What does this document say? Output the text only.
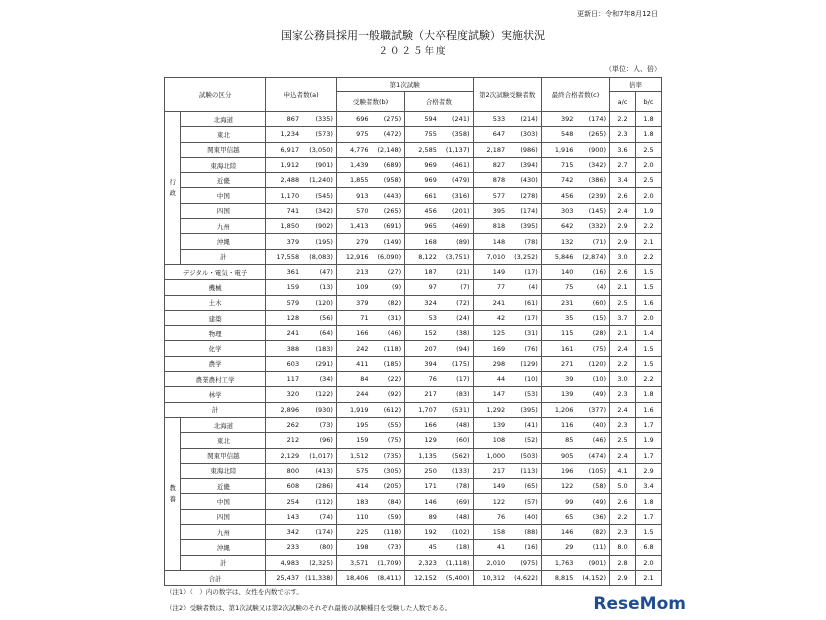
更新日：令和7年8月12日
国家公務員採用一般職試験（大卒程度試験）実施状況
２０２５年度
（単位：人、倍）
試験の区分		申込者数(a)		第1次試験				第2次試験受験者数		最終合格者数(c)		倍率	
				受験者数(b)		合格者数						a/c	b/c
行
政	北海道	867	(335)	696	(275)	594	(241)	533	(214)	392	(174)	2.2	1.8
	東北	1,234	(573)	975	(472)	755	(358)	647	(303)	548	(265)	2.3	1.8
	関東甲信越	6,917	(3,050)	4,776	(2,148)	2,585	(1,137)	2,187	(986)	1,916	(900)	3.6	2.5
	東海北陸	1,912	(901)	1,439	(689)	969	(461)	827	(394)	715	(342)	2.7	2.0
	近畿	2,488	(1,240)	1,855	(958)	969	(479)	878	(430)	742	(386)	3.4	2.5
	中国	1,170	(545)	913	(443)	661	(316)	577	(278)	456	(239)	2.6	2.0
	四国	741	(342)	570	(265)	456	(201)	395	(174)	303	(145)	2.4	1.9
	九州	1,850	(902)	1,413	(691)	965	(469)	818	(395)	642	(332)	2.9	2.2
	沖縄	379	(195)	279	(149)	168	(89)	148	(78)	132	(71)	2.9	2.1
	計	17,558	(8,083)	12,916	(6,090)	8,122	(3,751)	7,010	(3,252)	5,846	(2,874)	3.0	2.2
デジタル・電気・電子		361	(47)	213	(27)	187	(21)	149	(17)	140	(16)	2.6	1.5
機械		159	(13)	109	(9)	97	(7)	77	(4)	75	(4)	2.1	1.5
土木		579	(120)	379	(82)	324	(72)	241	(61)	231	(60)	2.5	1.6
建築		128	(56)	71	(31)	53	(24)	42	(17)	35	(15)	3.7	2.0
物理		241	(64)	166	(46)	152	(38)	125	(31)	115	(28)	2.1	1.4
化学		388	(183)	242	(118)	207	(94)	169	(76)	161	(75)	2.4	1.5
農学		603	(291)	411	(185)	394	(175)	298	(129)	271	(120)	2.2	1.5
農業農村工学		117	(34)	84	(22)	76	(17)	44	(10)	39	(10)	3.0	2.2
林学		320	(122)	244	(92)	217	(83)	147	(53)	139	(49)	2.3	1.8
計		2,896	(930)	1,919	(612)	1,707	(531)	1,292	(395)	1,206	(377)	2.4	1.6
教
養	北海道	262	(73)	195	(55)	166	(48)	139	(41)	116	(40)	2.3	1.7
	東北	212	(96)	159	(75)	129	(60)	108	(52)	85	(46)	2.5	1.9
	関東甲信越	2,129	(1,017)	1,512	(735)	1,135	(562)	1,000	(503)	905	(474)	2.4	1.7
	東海北陸	800	(413)	575	(305)	250	(133)	217	(113)	196	(105)	4.1	2.9
	近畿	608	(286)	414	(205)	171	(78)	149	(65)	122	(58)	5.0	3.4
	中国	254	(112)	183	(84)	146	(69)	122	(57)	99	(49)	2.6	1.8
	四国	143	(74)	110	(59)	89	(48)	76	(40)	65	(36)	2.2	1.7
	九州	342	(174)	225	(118)	192	(102)	158	(88)	146	(82)	2.3	1.5
	沖縄	233	(80)	198	(73)	45	(18)	41	(16)	29	(11)	8.0	6.8
	計	4,983	(2,325)	3,571	(1,709)	2,323	(1,118)	2,010	(975)	1,763	(901)	2.8	2.0
合計		25,437	(11,338)	18,406	(8,411)	12,152	(5,400)	10,312	(4,622)	8,815	(4,152)	2.9	2.1
（注1）（　）内の数字は、女性を内数で示す。
（注2）受験者数は、第1次試験又は第2次試験のそれぞれ最後の試験種目を受験した人数である。	ReseMom
